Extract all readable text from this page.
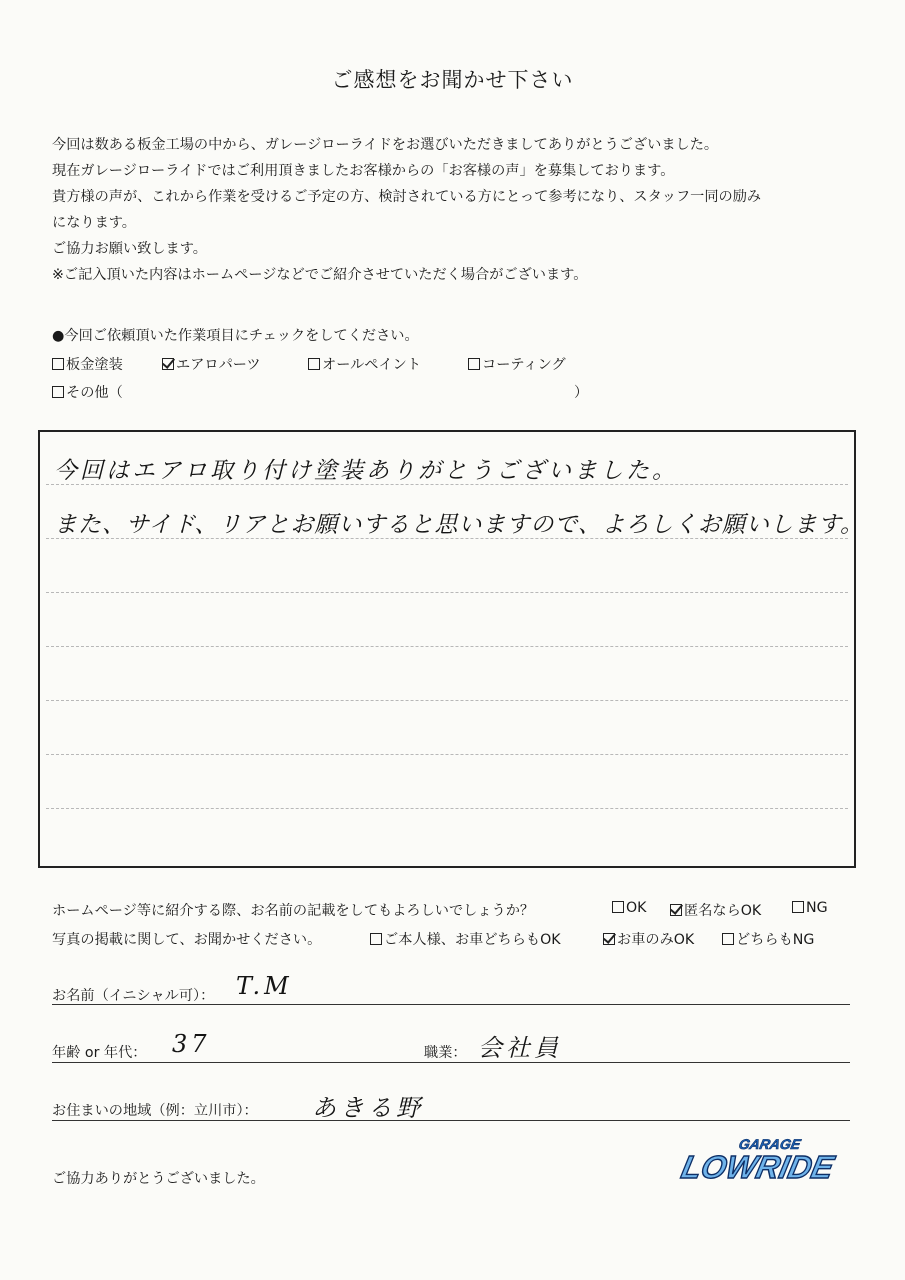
ご感想をお聞かせ下さい
今回は数ある板金工場の中から、ガレージローライドをお選びいただきましてありがとうございました。
現在ガレージローライドではご利用頂きましたお客様からの「お客様の声」を募集しております。
貴方様の声が、これから作業を受けるご予定の方、検討されている方にとって参考になり、スタッフ一同の励み
になります。
ご協力お願い致します。
※ご記入頂いた内容はホームページなどでご紹介させていただく場合がございます。
●今回ご依頼頂いた作業項目にチェックをしてください。
板金塗装	エアロパーツ	オールペイント	コーティング
その他（	）
今回はエアロ取り付け塗装ありがとうございました。
また、サイド、リアとお願いすると思いますので、よろしくお願いします。
ホームページ等に紹介する際、お名前の記載をしてもよろしいでしょうか？	OK	匿名ならOK	NG
写真の掲載に関して、お聞かせください。	ご本人様、お車どちらもOK	お車のみOK	どちらもNG
お名前（イニシャル可）： T.M
年齢 or 年代： 37	職業： 会社員
お住まいの地域（例：立川市）： あきる野
GARAGE
LOWRIDE
ご協力ありがとうございました。
